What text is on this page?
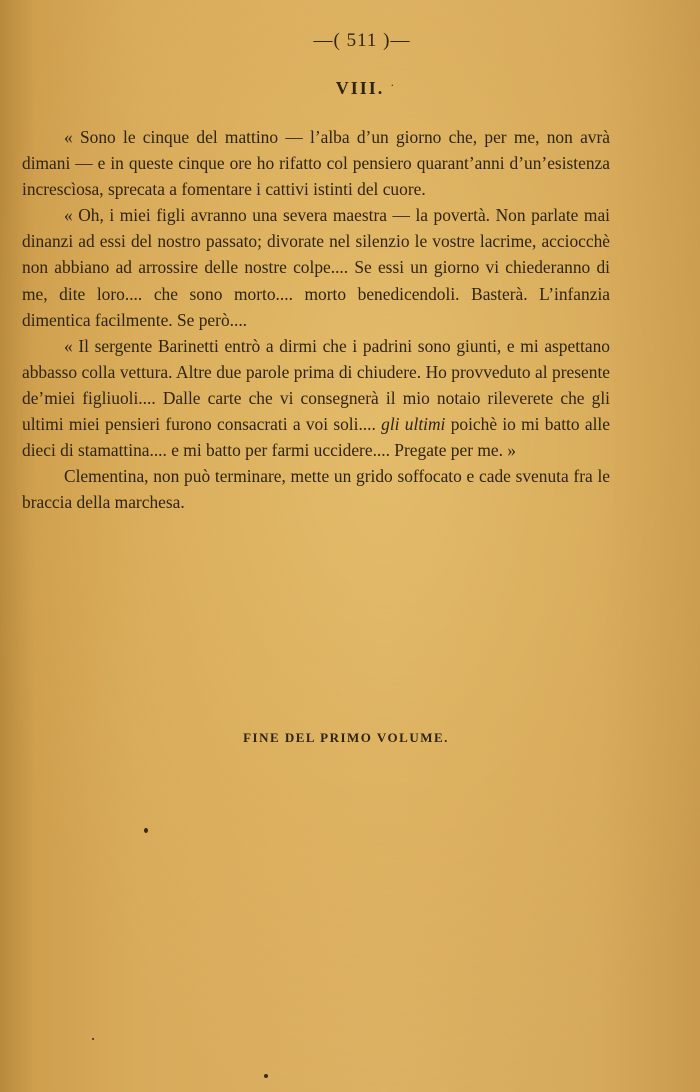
—( 511 )—
VIII. ·

« Sono le cinque del mattino — l’alba d’un giorno che, per me, non avrà dimani — e in queste cinque ore ho rifatto col pensiero quarant’anni d’un’esistenza increscìosa, sprecata a fomentare i cattivi istinti del cuore.

« Oh, i miei figli avranno una severa maestra — la povertà. Non parlate mai dinanzi ad essi del nostro passato; divorate nel silenzio le vostre lacrime, acciocchè non abbiano ad arrossire delle nostre colpe.... Se essi un giorno vi chiederanno di me, dite loro.... che sono morto.... morto benedicendoli. Basterà. L’infanzia dimentica facilmente. Se però....

« Il sergente Barinetti entrò a dirmi che i padrini sono giunti, e mi aspettano abbasso colla vettura. Altre due parole prima di chiudere. Ho provveduto al presente de’miei figliuoli.... Dalle carte che vi consegnerà il mio notaio rileverete che gli ultimi miei pensieri furono consacrati a voi soli.... gli ultimi poichè io mi batto alle dieci di stamattina.... e mi batto per farmi uccidere.... Pregate per me. »

Clementina, non può terminare, mette un grido soffocato e cade svenuta fra le braccia della marchesa.

FINE DEL PRIMO VOLUME.
